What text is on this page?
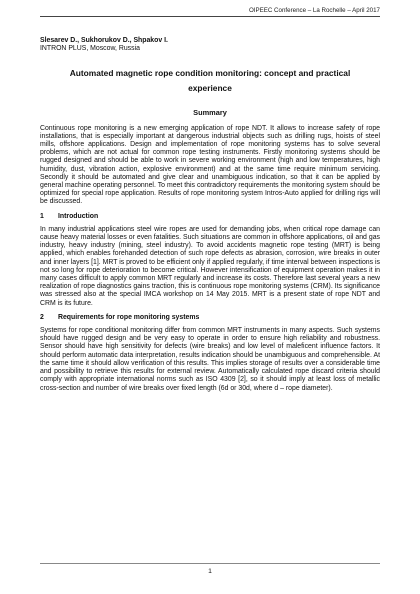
OIPEEC Conference – La Rochelle – April 2017

Slesarev D., Sukhorukov D., Shpakov I.

INTRON PLUS, Moscow, Russia

Automated magnetic rope condition monitoring: concept and practical experience
Summary

Continuous rope monitoring is a new emerging application of rope NDT. It allows to increase safety of rope installations, that is especially important at dangerous industrial objects such as drilling rugs, hoists of steel mills, offshore applications. Design and implementation of rope monitoring systems has to solve several problems, which are not actual for common rope testing instruments. Firstly monitoring systems should be rugged designed and should be able to work in severe working environment (high and low temperatures, high humidity, dust, vibration action, explosive environment) and at the same time require minimum servicing. Secondly it should be automated and give clear and unambiguous indication, so that it can be applied by general machine operating personnel. To meet this contradictory requirements the monitoring system should be optimized for special rope application. Results of rope monitoring system Intros-Auto applied for drilling rigs will be discussed.

1	Introduction

In many industrial applications steel wire ropes are used for demanding jobs, when critical rope damage can cause heavy material losses or even fatalities. Such situations are common in offshore applications, oil and gas industry, heavy industry (mining, steel industry). To avoid accidents magnetic rope testing (MRT) is being applied, which enables forehanded detection of such rope defects as abrasion, corrosion, wire breaks in outer and inner layers [1]. MRT is proved to be efficient only if applied regularly, if time interval between inspections is not so long for rope deterioration to become critical. However intensification of equipment operation makes it in many cases difficult to apply common MRT regularly and increase its costs. Therefore last several years a new realization of rope diagnostics gains traction, this is continuous rope monitoring systems (CRM). Its significance was stressed also at the special IMCA workshop on 14 May 2015. MRT is a present state of rope NDT and CRM is its future.

2	Requirements for rope monitoring systems

Systems for rope conditional monitoring differ from common MRT instruments in many aspects. Such systems should have rugged design and be very easy to operate in order to ensure high reliability and robustness. Sensor should have high sensitivity for defects (wire breaks) and low level of maleficent influence factors. It should perform automatic data interpretation, results indication should be unambiguous and comprehensible. At the same time it should allow verification of this results. This implies storage of results over a considerable time and possibility to retrieve this results for external review. Automatically calculated rope discard criteria should comply with appropriate international norms such as ISO 4309 [2], so it should imply at least loss of metallic cross-section and number of wire breaks over fixed length (6d or 30d, where d – rope diameter).

1
